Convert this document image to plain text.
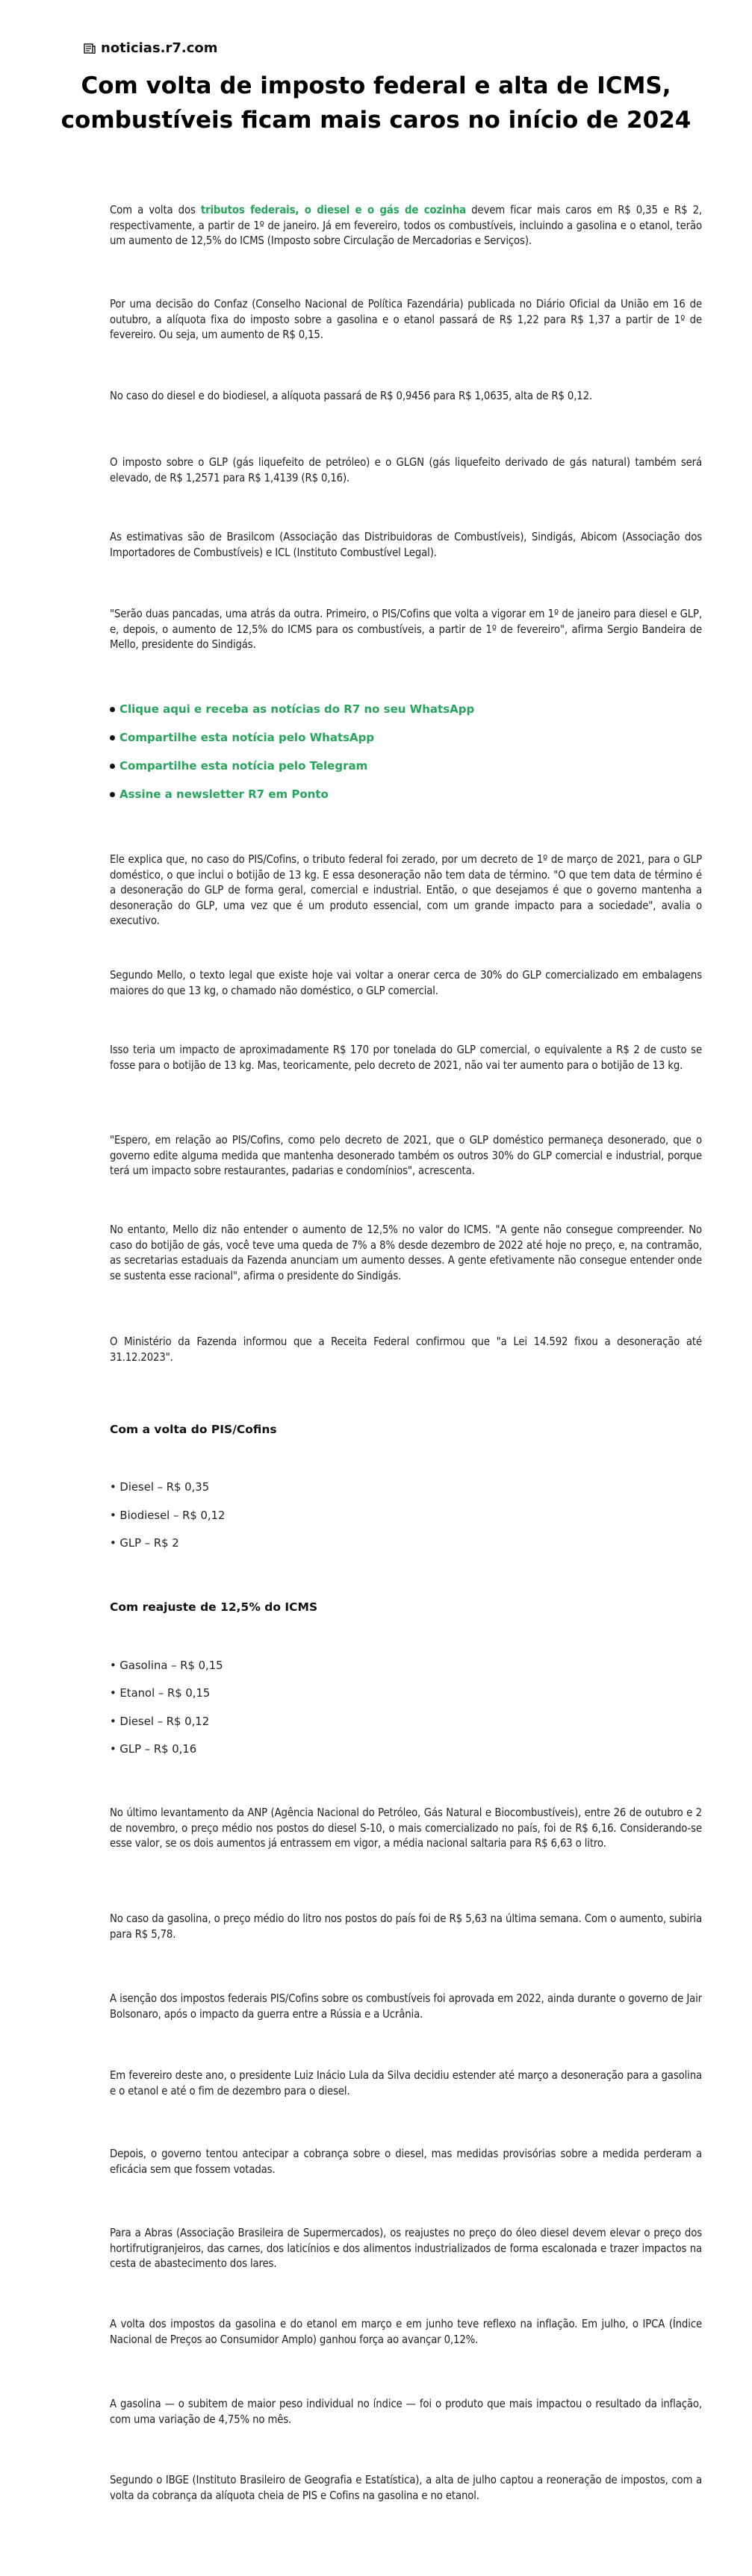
noticias.r7.com
Com volta de imposto federal e alta de ICMS, combustíveis ficam mais caros no início de 2024

Com a volta dos tributos federais, o diesel e o gás de cozinha devem ficar mais caros em R$ 0,35 e R$ 2, respectivamente, a partir de 1º de janeiro. Já em fevereiro, todos os combustíveis, incluindo a gasolina e o etanol, terão um aumento de 12,5% do ICMS (Imposto sobre Circulação de Mercadorias e Serviços).

Por uma decisão do Confaz (Conselho Nacional de Política Fazendária) publicada no Diário Oficial da União em 16 de outubro, a alíquota fixa do imposto sobre a gasolina e o etanol passará de R$ 1,22 para R$ 1,37 a partir de 1º de fevereiro. Ou seja, um aumento de R$ 0,15.

No caso do diesel e do biodiesel, a alíquota passará de R$ 0,9456 para R$ 1,0635, alta de R$ 0,12.

O imposto sobre o GLP (gás liquefeito de petróleo) e o GLGN (gás liquefeito derivado de gás natural) também será elevado, de R$ 1,2571 para R$ 1,4139 (R$ 0,16).

As estimativas são de Brasilcom (Associação das Distribuidoras de Combustíveis), Sindigás, Abicom (Associação dos Importadores de Combustíveis) e ICL (Instituto Combustível Legal).

"Serão duas pancadas, uma atrás da outra. Primeiro, o PIS/Cofins que volta a vigorar em 1º de janeiro para diesel e GLP, e, depois, o aumento de 12,5% do ICMS para os combustíveis, a partir de 1º de fevereiro", afirma Sergio Bandeira de Mello, presidente do Sindigás.

Clique aqui e receba as notícias do R7 no seu WhatsApp
Compartilhe esta notícia pelo WhatsApp
Compartilhe esta notícia pelo Telegram
Assine a newsletter R7 em Ponto

Ele explica que, no caso do PIS/Cofins, o tributo federal foi zerado, por um decreto de 1º de março de 2021, para o GLP doméstico, o que inclui o botijão de 13 kg. E essa desoneração não tem data de término. "O que tem data de término é a desoneração do GLP de forma geral, comercial e industrial. Então, o que desejamos é que o governo mantenha a desoneração do GLP, uma vez que é um produto essencial, com um grande impacto para a sociedade", avalia o executivo.

Segundo Mello, o texto legal que existe hoje vai voltar a onerar cerca de 30% do GLP comercializado em embalagens maiores do que 13 kg, o chamado não doméstico, o GLP comercial.

Isso teria um impacto de aproximadamente R$ 170 por tonelada do GLP comercial, o equivalente a R$ 2 de custo se fosse para o botijão de 13 kg. Mas, teoricamente, pelo decreto de 2021, não vai ter aumento para o botijão de 13 kg.

"Espero, em relação ao PIS/Cofins, como pelo decreto de 2021, que o GLP doméstico permaneça desonerado, que o governo edite alguma medida que mantenha desonerado também os outros 30% do GLP comercial e industrial, porque terá um impacto sobre restaurantes, padarias e condomínios", acrescenta.

No entanto, Mello diz não entender o aumento de 12,5% no valor do ICMS. "A gente não consegue compreender. No caso do botijão de gás, você teve uma queda de 7% a 8% desde dezembro de 2022 até hoje no preço, e, na contramão, as secretarias estaduais da Fazenda anunciam um aumento desses. A gente efetivamente não consegue entender onde se sustenta esse racional", afirma o presidente do Sindigás.

O Ministério da Fazenda informou que a Receita Federal confirmou que "a Lei 14.592 fixou a desoneração até 31.12.2023".

Com a volta do PIS/Cofins

• Diesel – R$ 0,35

• Biodiesel – R$ 0,12

• GLP – R$ 2

Com reajuste de 12,5% do ICMS

• Gasolina – R$ 0,15

• Etanol – R$ 0,15

• Diesel – R$ 0,12

• GLP – R$ 0,16

No último levantamento da ANP (Agência Nacional do Petróleo, Gás Natural e Biocombustíveis), entre 26 de outubro e 2 de novembro, o preço médio nos postos do diesel S-10, o mais comercializado no país, foi de R$ 6,16. Considerando-se esse valor, se os dois aumentos já entrassem em vigor, a média nacional saltaria para R$ 6,63 o litro.

No caso da gasolina, o preço médio do litro nos postos do país foi de R$ 5,63 na última semana. Com o aumento, subiria para R$ 5,78.

A isenção dos impostos federais PIS/Cofins sobre os combustíveis foi aprovada em 2022, ainda durante o governo de Jair Bolsonaro, após o impacto da guerra entre a Rússia e a Ucrânia.

Em fevereiro deste ano, o presidente Luiz Inácio Lula da Silva decidiu estender até março a desoneração para a gasolina e o etanol e até o fim de dezembro para o diesel.

Depois, o governo tentou antecipar a cobrança sobre o diesel, mas medidas provisórias sobre a medida perderam a eficácia sem que fossem votadas.

Para a Abras (Associação Brasileira de Supermercados), os reajustes no preço do óleo diesel devem elevar o preço dos hortifrutigranjeiros, das carnes, dos laticínios e dos alimentos industrializados de forma escalonada e trazer impactos na cesta de abastecimento dos lares.

A volta dos impostos da gasolina e do etanol em março e em junho teve reflexo na inflação. Em julho, o IPCA (Índice Nacional de Preços ao Consumidor Amplo) ganhou força ao avançar 0,12%.

A gasolina — o subitem de maior peso individual no índice — foi o produto que mais impactou o resultado da inflação, com uma variação de 4,75% no mês.

Segundo o IBGE (Instituto Brasileiro de Geografia e Estatística), a alta de julho captou a reoneração de impostos, com a volta da cobrança da alíquota cheia de PIS e Cofins na gasolina e no etanol.
